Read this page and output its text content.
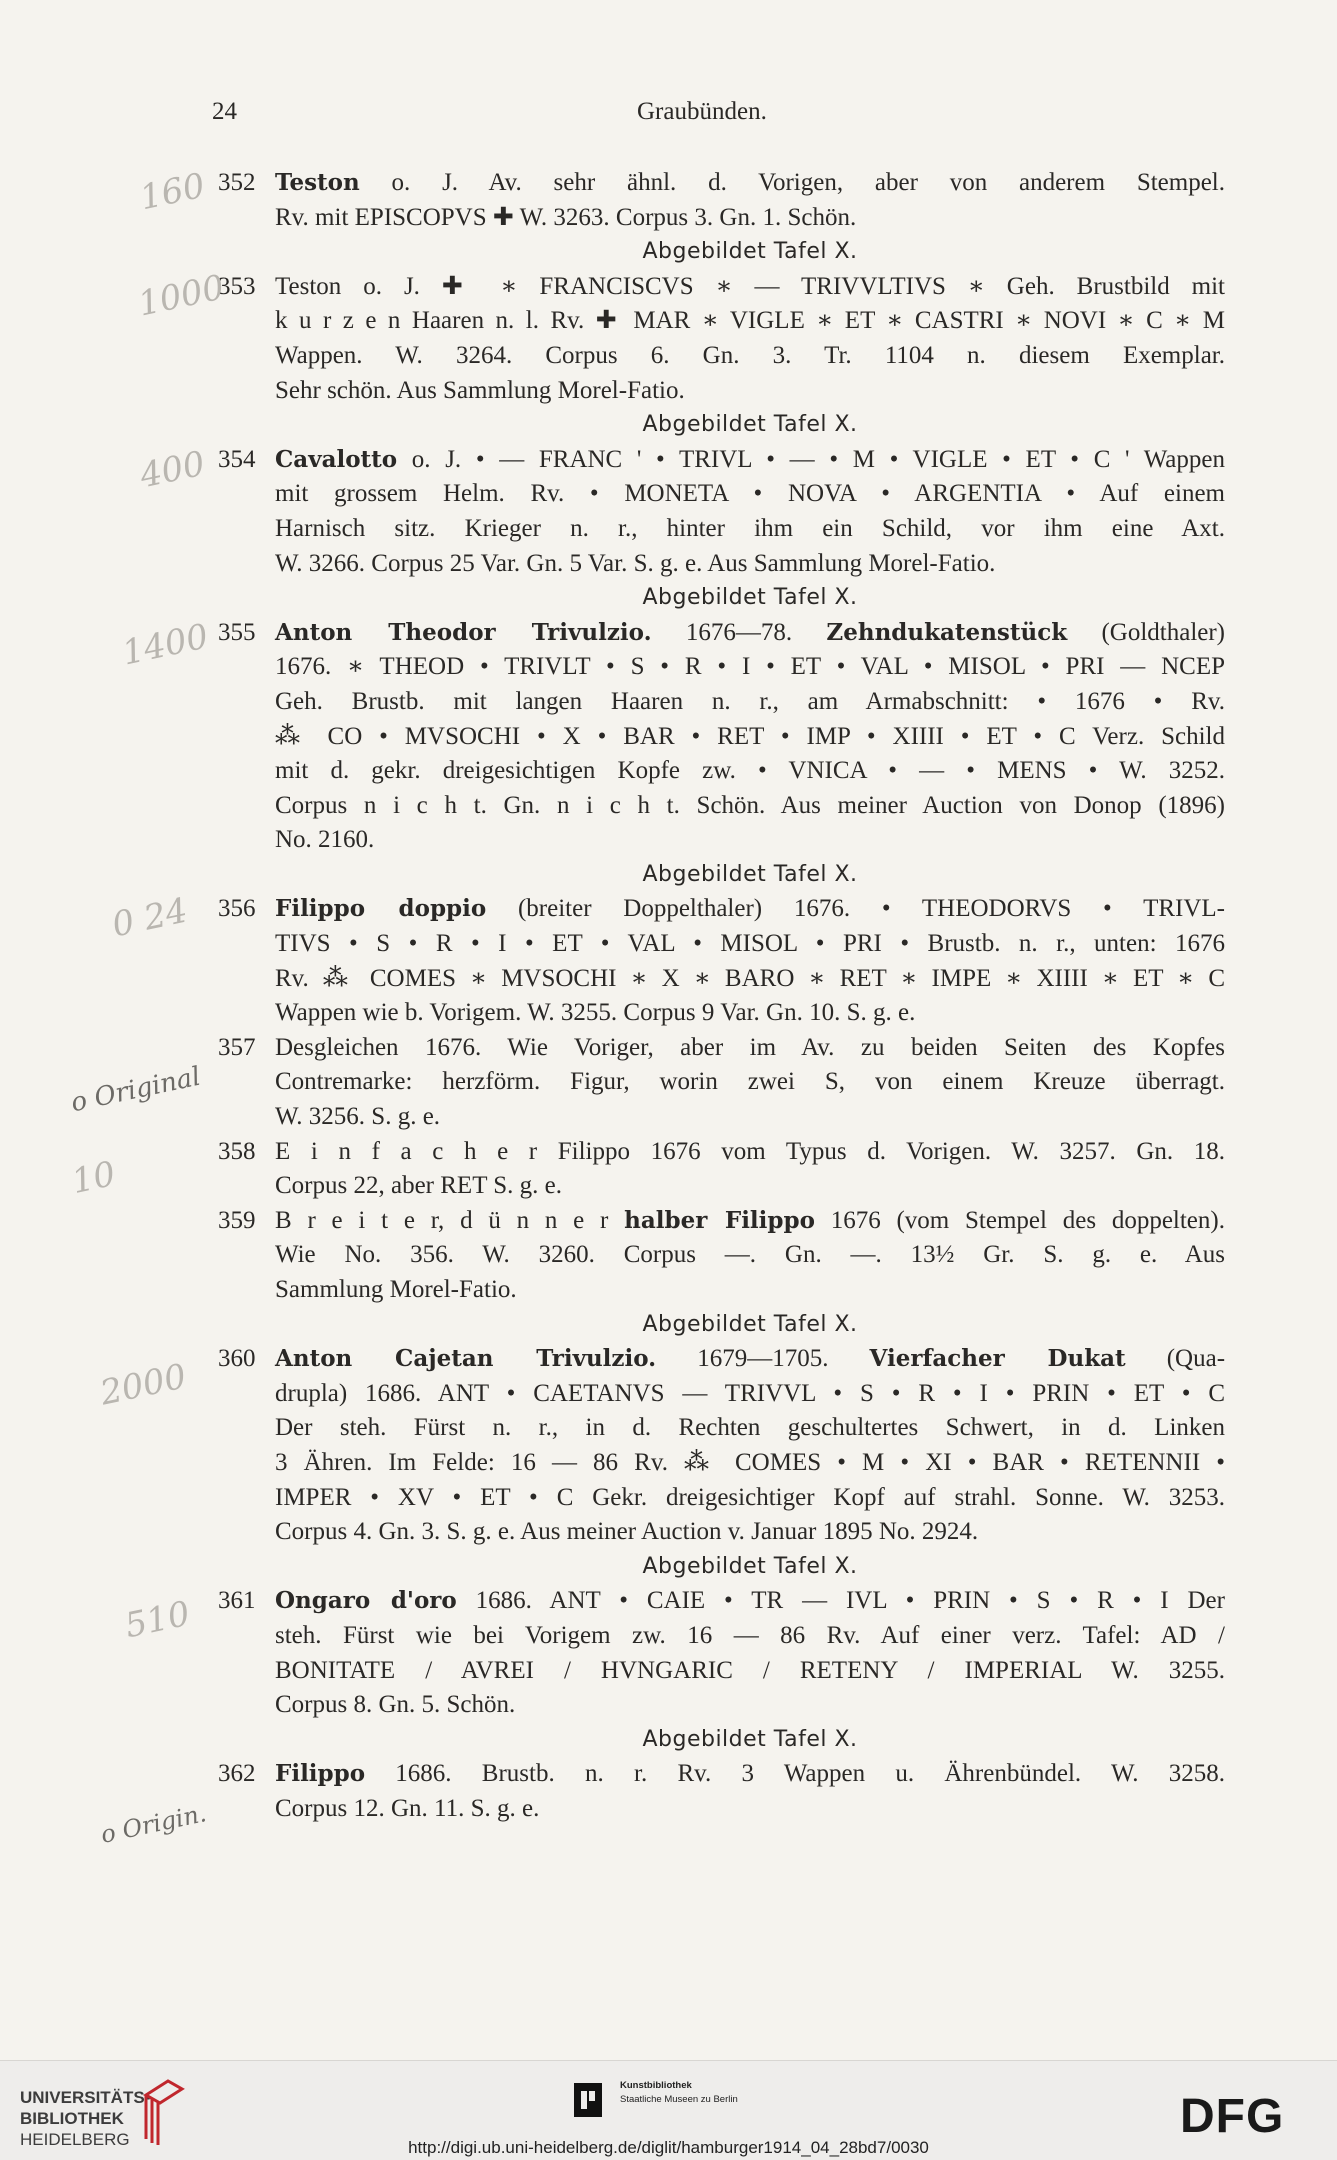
24	Graubünden.
352 Teston o. J. Av. sehr ähnl. d. Vorigen, aber von anderem Stempel.
Rv. mit EPISCOPVS ✚ W. 3263. Corpus 3. Gn. 1. Schön.
Abgebildet Tafel X.
353 Teston o. J. ✚ ∗ FRANCISCVS ∗ — TRIVVLTIVS ∗ Geh. Brustbild mit
k u r z e n Haaren n. l. Rv. ✚ MAR ∗ VIGLE ∗ ET ∗ CASTRI ∗ NOVI ∗ C ∗ M
Wappen. W. 3264. Corpus 6. Gn. 3. Tr. 1104 n. diesem Exemplar.
Sehr schön. Aus Sammlung Morel-Fatio.
Abgebildet Tafel X.
354 Cavalotto o. J. • — FRANC ' • TRIVL • — • M • VIGLE • ET • C ' Wappen
mit grossem Helm. Rv. • MONETA • NOVA • ARGENTIA • Auf einem
Harnisch sitz. Krieger n. r., hinter ihm ein Schild, vor ihm eine Axt.
W. 3266. Corpus 25 Var. Gn. 5 Var. S. g. e. Aus Sammlung Morel-Fatio.
Abgebildet Tafel X.
355 Anton Theodor Trivulzio. 1676—78. Zehndukatenstück (Goldthaler)
1676. ∗ THEOD • TRIVLT • S • R • I • ET • VAL • MISOL • PRI — NCEP
Geh. Brustb. mit langen Haaren n. r., am Armabschnitt: • 1676 • Rv.
⁂ CO • MVSOCHI • X • BAR • RET • IMP • XIIII • ET • C Verz. Schild
mit d. gekr. dreigesichtigen Kopfe zw. • VNICA • — • MENS • W. 3252.
Corpus n i c h t. Gn. n i c h t. Schön. Aus meiner Auction von Donop (1896)
No. 2160.
Abgebildet Tafel X.
356 Filippo doppio (breiter Doppelthaler) 1676. • THEODORVS • TRIVL-
TIVS • S • R • I • ET • VAL • MISOL • PRI • Brustb. n. r., unten: 1676
Rv. ⁂ COMES ∗ MVSOCHI ∗ X ∗ BARO ∗ RET ∗ IMPE ∗ XIIII ∗ ET ∗ C
Wappen wie b. Vorigem. W. 3255. Corpus 9 Var. Gn. 10. S. g. e.
357 Desgleichen 1676. Wie Voriger, aber im Av. zu beiden Seiten des Kopfes
Contremarke: herzförm. Figur, worin zwei S, von einem Kreuze überragt.
W. 3256. S. g. e.
358 E i n f a c h e r Filippo 1676 vom Typus d. Vorigen. W. 3257. Gn. 18.
Corpus 22, aber RET S. g. e.
359 B r e i t e r, d ü n n e r halber Filippo 1676 (vom Stempel des doppelten).
Wie No. 356. W. 3260. Corpus —. Gn. —. 13½ Gr. S. g. e. Aus
Sammlung Morel-Fatio.
Abgebildet Tafel X.
360 Anton Cajetan Trivulzio. 1679—1705. Vierfacher Dukat (Qua-
drupla) 1686. ANT • CAETANVS — TRIVVL • S • R • I • PRIN • ET • C
Der steh. Fürst n. r., in d. Rechten geschultertes Schwert, in d. Linken
3 Ähren. Im Felde: 16 — 86 Rv. ⁂ COMES • M • XI • BAR • RETENNII •
IMPER • XV • ET • C Gekr. dreigesichtiger Kopf auf strahl. Sonne. W. 3253.
Corpus 4. Gn. 3. S. g. e. Aus meiner Auction v. Januar 1895 No. 2924.
Abgebildet Tafel X.
361 Ongaro d'oro 1686. ANT • CAIE • TR — IVL • PRIN • S • R • I Der
steh. Fürst wie bei Vorigem zw. 16 — 86 Rv. Auf einer verz. Tafel: AD /
BONITATE / AVREI / HVNGARIC / RETENY / IMPERIAL W. 3255.
Corpus 8. Gn. 5. Schön.
Abgebildet Tafel X.
362 Filippo 1686. Brustb. n. r. Rv. 3 Wappen u. Ährenbündel. W. 3258.
Corpus 12. Gn. 11. S. g. e.
160
1000
400
1400
0 24
o Original
10
2000
510
o Origin.
UNIVERSITÄTS-
BIBLIOTHEK
HEIDELBERG
Kunstbibliothek
Staatliche Museen zu Berlin	DFG
http://digi.ub.uni-heidelberg.de/diglit/hamburger1914_04_28bd7/0030
